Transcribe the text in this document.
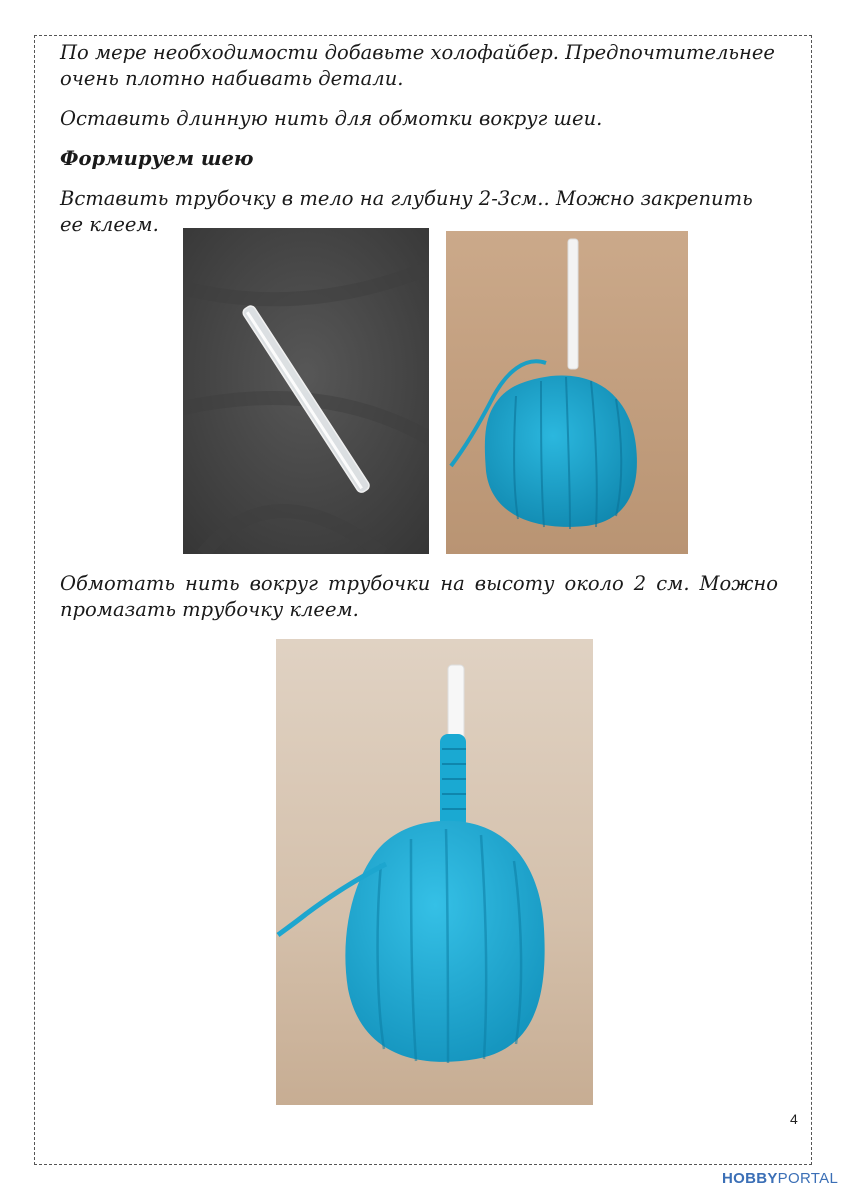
По мере необходимости добавьте холофайбер. Предпочтительнее очень плотно набивать детали.

Оставить длинную нить для обмотки вокруг шеи.

Формируем шею

Вставить трубочку в тело на глубину 2-3см.. Можно закрепить ее клеем.

Обмотать нить вокруг трубочки на высоту около 2 см. Можно

промазать трубочку клеем.

4
HOBBYPORTAL
